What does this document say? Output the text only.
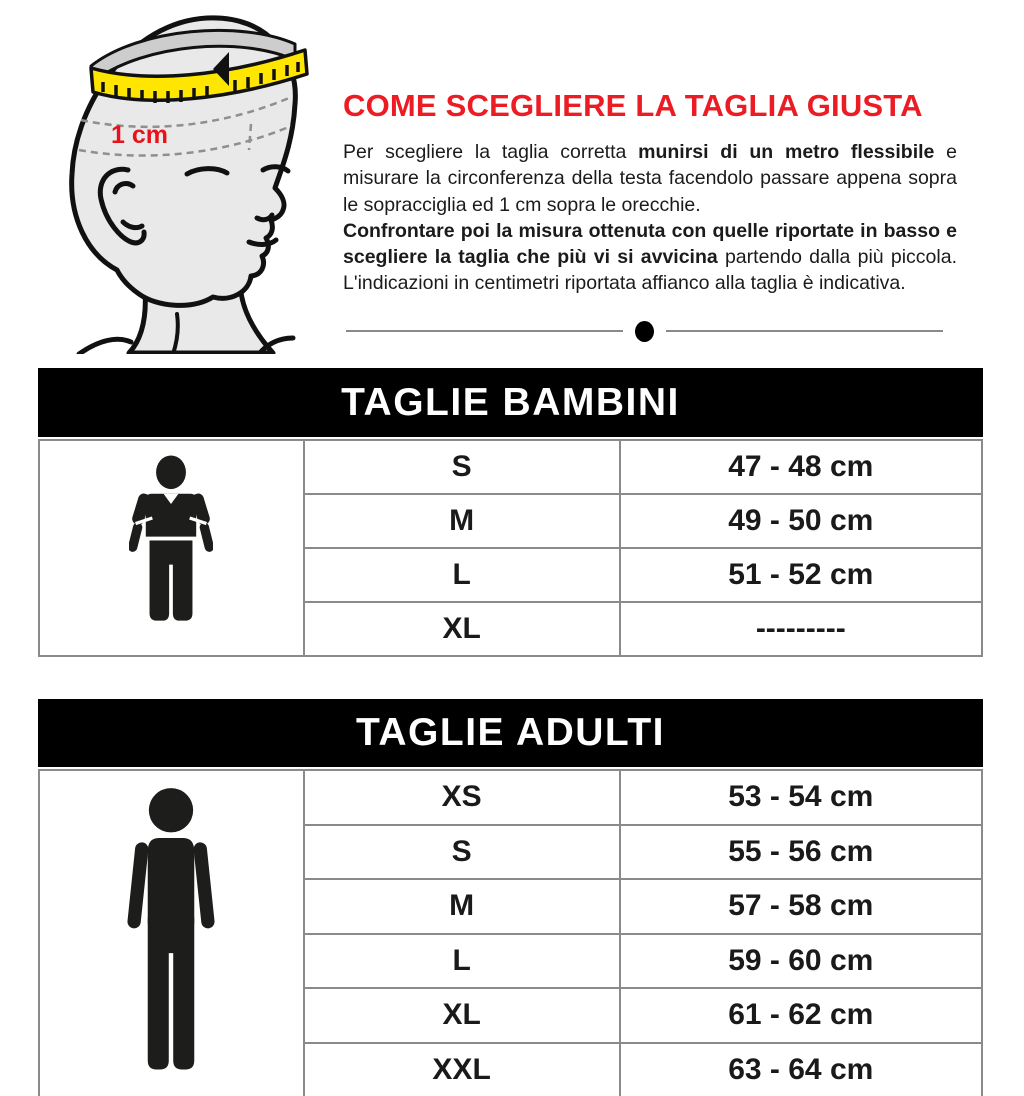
1 cm
COME SCEGLIERE LA TAGLIA GIUSTA

Per scegliere la taglia corretta munirsi di un metro flessibile e misurare la circonferenza della testa facendolo passare appena sopra le sopracciglia ed 1 cm sopra le orecchie.
Confrontare poi la misura ottenuta con quelle riportate in basso e scegliere la taglia che più vi si avvicina partendo dalla più piccola. L'indicazioni in centimetri riportata affianco alla taglia è indicativa.

TAGLIE BAMBINI
	S	47 - 48 cm
	M	49 - 50 cm
	L	51 - 52 cm
	XL	---------
TAGLIE ADULTI
	XS	53 - 54 cm
	S	55 - 56 cm
	M	57 - 58 cm
	L	59 - 60 cm
	XL	61 - 62 cm
	XXL	63 - 64 cm
